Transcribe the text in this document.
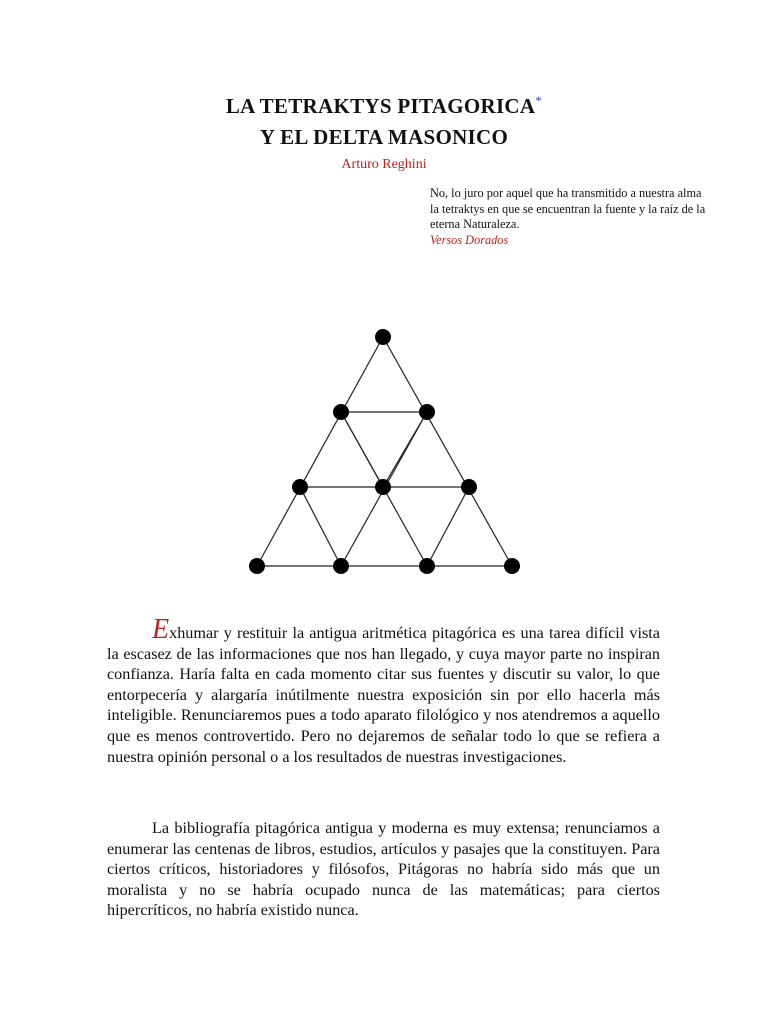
LA TETRAKTYS PITAGORICA*
Y EL DELTA MASONICO
Arturo Reghini
No, lo juro por aquel que ha transmitido a nuestra alma la tetraktys en que se encuentran la fuente y la raíz de la eterna Naturaleza.
Versos Dorados

Exhumar y restituir la antigua aritmética pitagórica es una tarea difícil vista la escasez de las informaciones que nos han llegado, y cuya mayor parte no inspiran confianza. Haría falta en cada momento citar sus fuentes y discutir su valor, lo que entorpecería y alargaría inútilmente nuestra exposición sin por ello hacerla más inteligible. Renunciaremos pues a todo aparato filológico y nos atendremos a aquello que es menos controvertido. Pero no dejaremos de señalar todo lo que se refiera a nuestra opinión personal o a los resultados de nuestras investigaciones.

La bibliografía pitagórica antigua y moderna es muy extensa; renunciamos a enumerar las centenas de libros, estudios, artículos y pasajes que la constituyen. Para ciertos críticos, historiadores y filósofos, Pitágoras no habría sido más que un moralista y no se habría ocupado nunca de las matemáticas; para ciertos hipercríticos, no habría existido nunca.
